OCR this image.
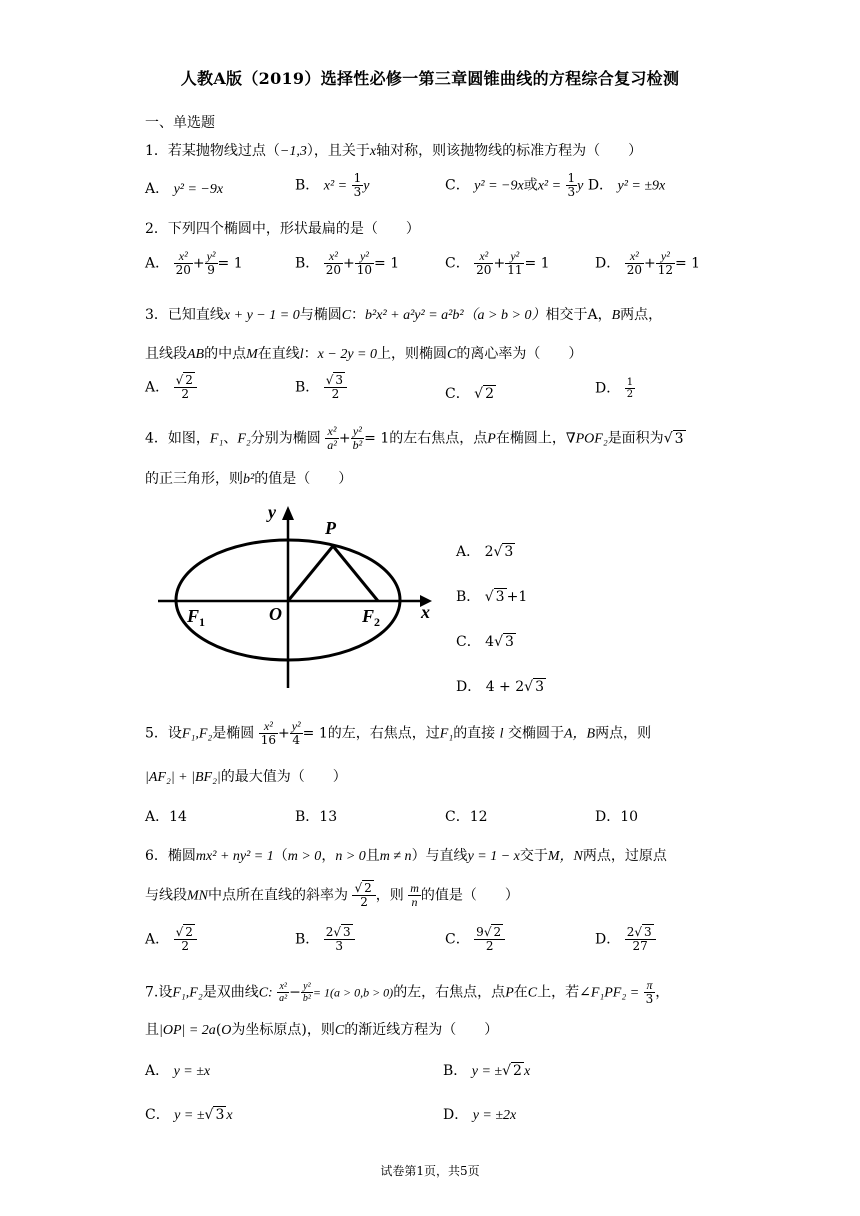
人教A版（2019）选择性必修一第三章圆锥曲线的方程综合复习检测
一、单选题
1．若某抛物线过点（−1,3），且关于x轴对称，则该抛物线的标准方程为（　　）
A． y² = −9x	B． $x^2 = \frac{1}{3}$ y	C． y² = −9x或$x^2 = \frac{1}{3}$ y D． y² = ±9x
2．下列四个椭圆中，形状最扁的是（　　）
A． $\frac{\text{x²}}{20} + \frac{\text{y²}}{9} = 1$	B． $\frac{\text{x²}}{20} + \frac{\text{y²}}{10} = 1$	C． $\frac{\text{x²}}{20} + \frac{\text{y²}}{11} = 1$	D． $\frac{\text{x²}}{20} + \frac{\text{y²}}{12} = 1$
3．已知直线x + y − 1 = 0与椭圆C：b²x² + a²y² = a²b²（a > b > 0）相交于A，B两点，
且线段AB的中点M在直线l：x − 2y = 0上，则椭圆C的离心率为（　　）
A． $\frac{√ 2}{2}$	B． $\frac{√ 3}{2}$	C． √ 2	D． $\frac{1}{2}$
4．如图，F₁、F₂分别为椭圆 $\frac{\text{x²}}{\text{a²}} + \frac{\text{y²}}{\text{b²}} = 1$的左右焦点，点P在椭圆上，∇POF₂是面积为√ 3
的正三角形，则b²的值是（　　）
y
x
P
O
F 1	F 2
A． 2√ 3
B． √ 3 +1
C． 4√ 3
D． 4 + 2√ 3
5．设F₁,F₂是椭圆 $\frac{\text{x²}}{16} + \frac{\text{y²}}{4} = 1$的左，右焦点，过F₁的直接 l 交椭圆于A，B两点，则
|AF₂| + |BF₂|的最大值为（　　）
A．14	B．13	C．12	D．10
6．椭圆mx² + ny² = 1（m > 0，n > 0且m ≠ n）与直线y = 1 − x交于M，N两点，过原点
与线段MN中点所在直线的斜率为 $\frac{√ 2}{2}$ ，则 $\frac{m}{n}$ 的值是（　　）
A． $\frac{√ 2}{2}$	B． $\frac{2√ 3}{3}$	C． $\frac{9√ 2}{2}$	D． $\frac{2√ 3}{27}$
7.设F₁,F₂是双曲线C: $\frac{\text{x²}}{\text{a²}} - \frac{\text{y²}}{\text{b²}} = 1(a > 0,b > 0)$的左，右焦点，点P在C上，若∠F₁PF₂ = $\frac{\pi}{3}$ ，
且|OP| = 2a(O为坐标原点)，则C的渐近线方程为（　　）
A． y = ±x	B． y = ±√ 2 x
C． y = ±√ 3 x	D． y = ±2x
试卷第1页，共5页
